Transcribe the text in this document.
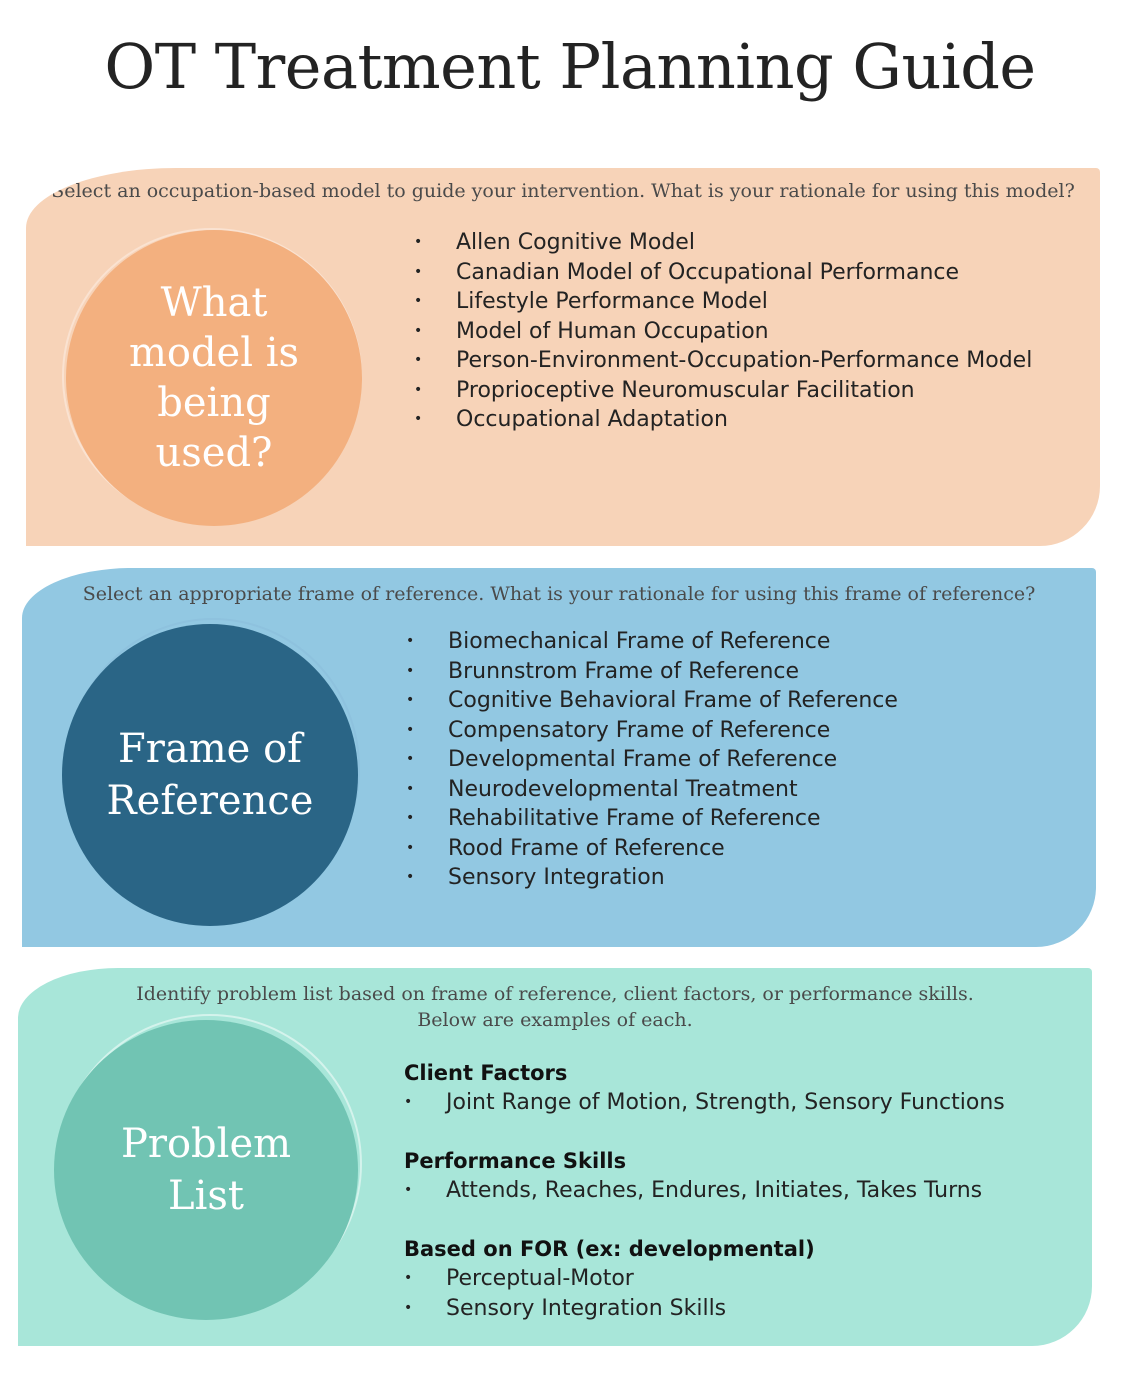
OT Treatment Planning Guide
Select an occupation-based model to guide your intervention. What is your rationale for using this model?
What
model is
being
used?
• Allen Cognitive Model
• Canadian Model of Occupational Performance
• Lifestyle Performance Model
• Model of Human Occupation
• Person-Environment-Occupation-Performance Model
• Proprioceptive Neuromuscular Facilitation
• Occupational Adaptation
Select an appropriate frame of reference. What is your rationale for using this frame of reference?
Frame of
Reference
• Biomechanical Frame of Reference
• Brunnstrom Frame of Reference
• Cognitive Behavioral Frame of Reference
• Compensatory Frame of Reference
• Developmental Frame of Reference
• Neurodevelopmental Treatment
• Rehabilitative Frame of Reference
• Rood Frame of Reference
• Sensory Integration
Identify problem list based on frame of reference, client factors, or performance skills.
Below are examples of each.
Problem
List
Client Factors
• Joint Range of Motion, Strength, Sensory Functions
Performance Skills
• Attends, Reaches, Endures, Initiates, Takes Turns
Based on FOR (ex: developmental)
• Perceptual-Motor
• Sensory Integration Skills
